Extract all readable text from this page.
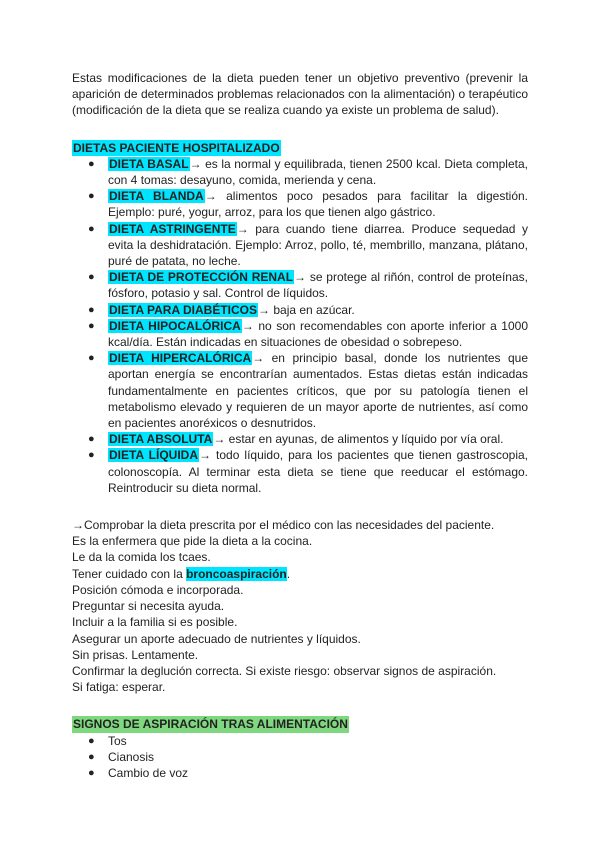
Estas modificaciones de la dieta pueden tener un objetivo preventivo (prevenir la aparición de determinados problemas relacionados con la alimentación) o terapéutico (modificación de la dieta que se realiza cuando ya existe un problema de salud).

DIETAS PACIENTE HOSPITALIZADO
● DIETA BASAL→ es la normal y equilibrada, tienen 2500 kcal. Dieta completa, con 4 tomas: desayuno, comida, merienda y cena.
● DIETA BLANDA→ alimentos poco pesados para facilitar la digestión. Ejemplo: puré, yogur, arroz, para los que tienen algo gástrico.
● DIETA ASTRINGENTE→ para cuando tiene diarrea. Produce sequedad y evita la deshidratación. Ejemplo: Arroz, pollo, té, membrillo, manzana, plátano, puré de patata, no leche.
● DIETA DE PROTECCIÓN RENAL→ se protege al riñón, control de proteínas, fósforo, potasio y sal. Control de líquidos.
● DIETA PARA DIABÉTICOS→ baja en azúcar.
● DIETA HIPOCALÓRICA→ no son recomendables con aporte inferior a 1000 kcal/día. Están indicadas en situaciones de obesidad o sobrepeso.
● DIETA HIPERCALÓRICA→ en principio basal, donde los nutrientes que aportan energía se encontrarían aumentados. Estas dietas están indicadas fundamentalmente en pacientes críticos, que por su patología tienen el metabolismo elevado y requieren de un mayor aporte de nutrientes, así como en pacientes anoréxicos o desnutridos.
● DIETA ABSOLUTA→ estar en ayunas, de alimentos y líquido por vía oral.
● DIETA LÍQUIDA→ todo líquido, para los pacientes que tienen gastroscopia, colonoscopía. Al terminar esta dieta se tiene que reeducar el estómago. Reintroducir su dieta normal.
→Comprobar la dieta prescrita por el médico con las necesidades del paciente.
Es la enfermera que pide la dieta a la cocina.
Le da la comida los tcaes.
Tener cuidado con la broncoaspiración.
Posición cómoda e incorporada.
Preguntar si necesita ayuda.
Incluir a la familia si es posible.
Asegurar un aporte adecuado de nutrientes y líquidos.
Sin prisas. Lentamente.
Confirmar la deglución correcta. Si existe riesgo: observar signos de aspiración.
Si fatiga: esperar.
SIGNOS DE ASPIRACIÓN TRAS ALIMENTACIÓN
● Tos
● Cianosis
● Cambio de voz
